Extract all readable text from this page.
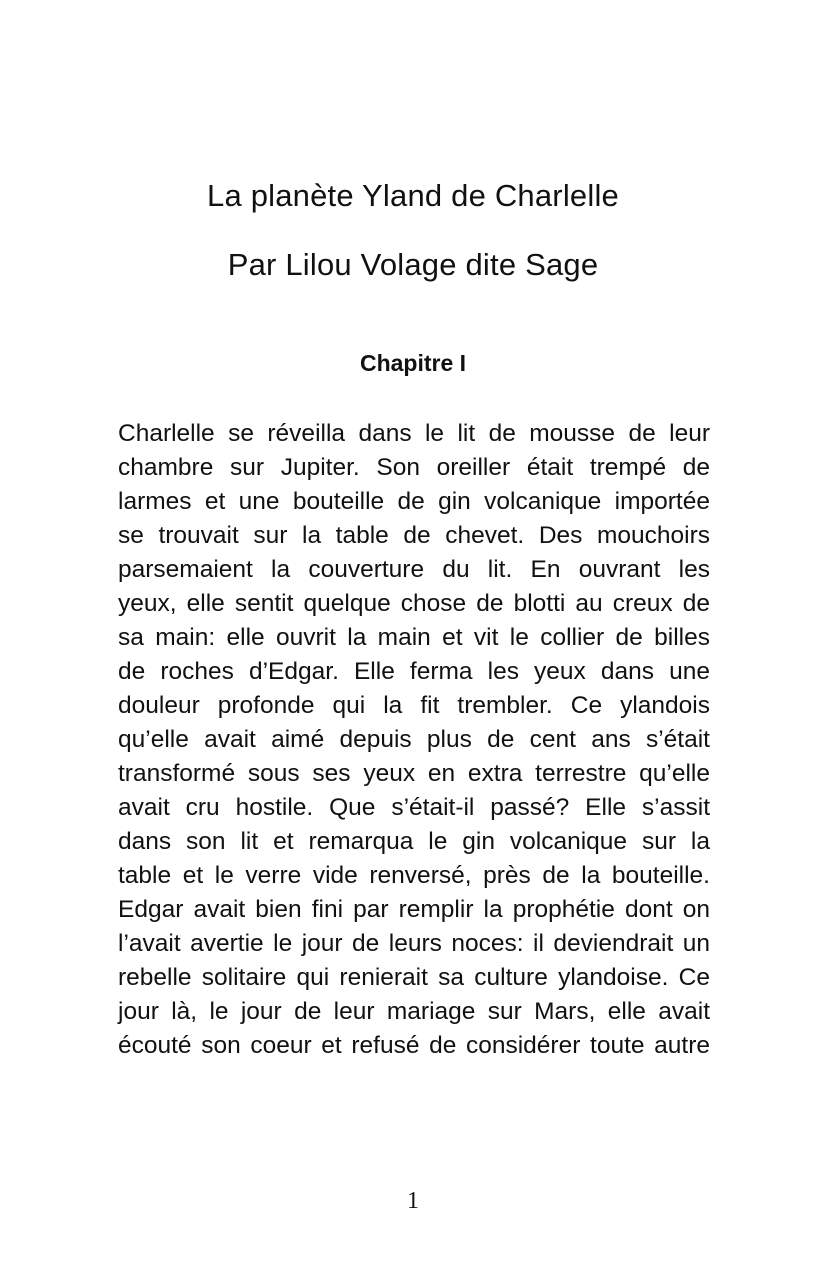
La planète Yland de Charlelle
Par Lilou Volage dite Sage
Chapitre I
Charlelle se réveilla dans le lit de mousse de leur
chambre sur Jupiter. Son oreiller était trempé de
larmes et une bouteille de gin volcanique importée
se trouvait sur la table de chevet. Des mouchoirs
parsemaient la couverture du lit. En ouvrant les
yeux, elle sentit quelque chose de blotti au creux de
sa main: elle ouvrit la main et vit le collier de billes
de roches d’Edgar. Elle ferma les yeux dans une
douleur profonde qui la fit trembler. Ce ylandois
qu’elle avait aimé depuis plus de cent ans s’était
transformé sous ses yeux en extra terrestre qu’elle
avait cru hostile. Que s’était-il passé? Elle s’assit
dans son lit et remarqua le gin volcanique sur la
table et le verre vide renversé, près de la bouteille.
Edgar avait bien fini par remplir la prophétie dont on
l’avait avertie le jour de leurs noces: il deviendrait un
rebelle solitaire qui renierait sa culture ylandoise. Ce
jour là, le jour de leur mariage sur Mars, elle avait
écouté son coeur et refusé de considérer toute autre
1
